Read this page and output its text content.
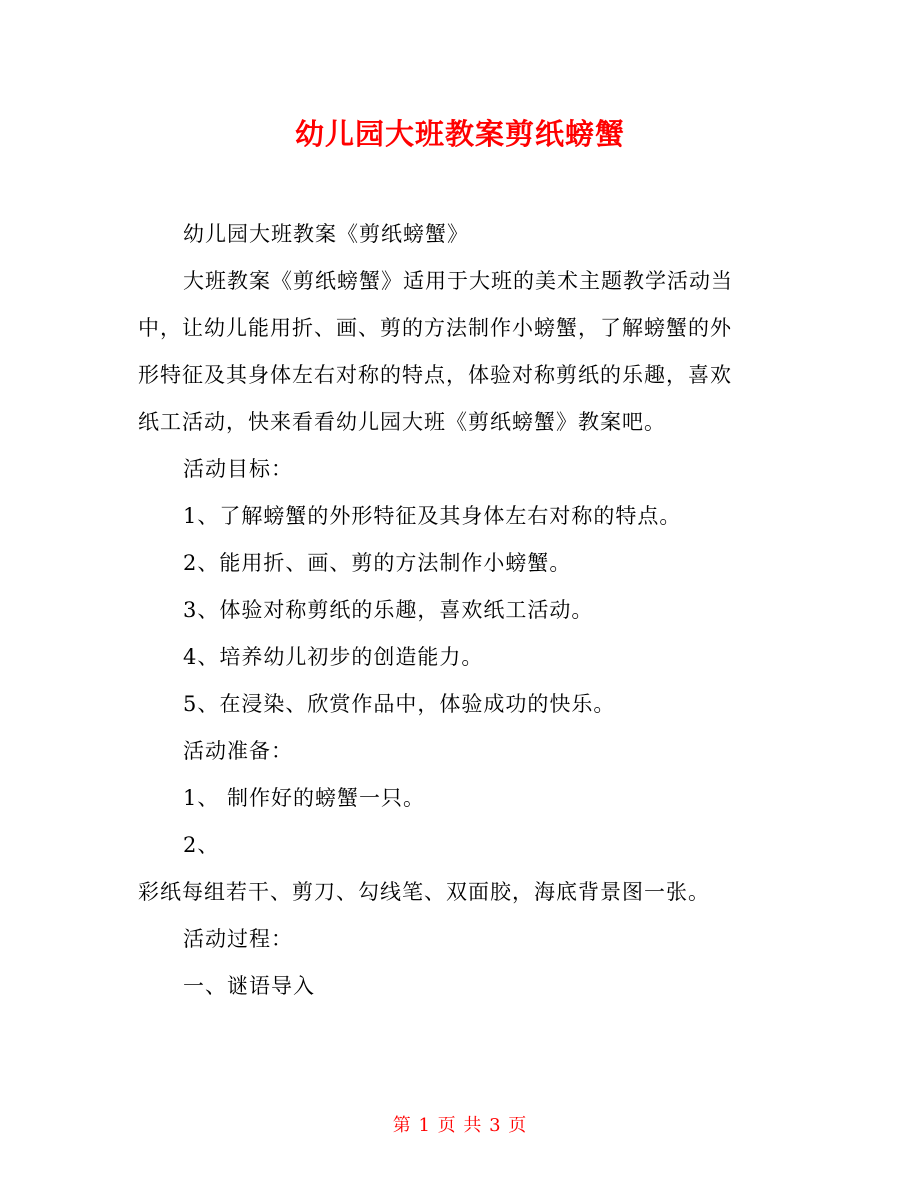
幼儿园大班教案剪纸螃蟹
幼儿园大班教案《剪纸螃蟹》
大班教案《剪纸螃蟹》适用于大班的美术主题教学活动当
中，让幼儿能用折、画、剪的方法制作小螃蟹，了解螃蟹的外
形特征及其身体左右对称的特点，体验对称剪纸的乐趣，喜欢
纸工活动，快来看看幼儿园大班《剪纸螃蟹》教案吧。
活动目标：
1、了解螃蟹的外形特征及其身体左右对称的特点。
2、能用折、画、剪的方法制作小螃蟹。
3、体验对称剪纸的乐趣，喜欢纸工活动。
4、培养幼儿初步的创造能力。
5、在浸染、欣赏作品中，体验成功的快乐。
活动准备：
1、 制作好的螃蟹一只。
2、
彩纸每组若干、剪刀、勾线笔、双面胶，海底背景图一张。
活动过程：
一、谜语导入
第 1 页 共 3 页
